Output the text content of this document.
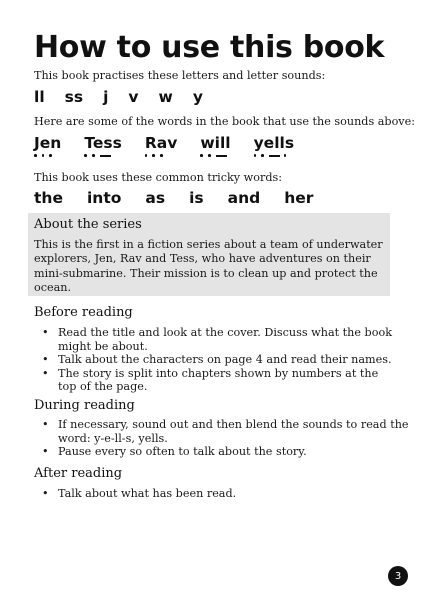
How to use this book

This book practises these letters and letter sounds:

ll ss j v w y

Here are some of the words in the book that use the sounds above:

Jen Tess Rav will yells

This book uses these common tricky words:

the into as is and her
About the series

This is the first in a fiction series about a team of underwater
explorers, Jen, Rav and Tess, who have adventures on their
mini-submarine. Their mission is to clean up and protect the
ocean.

Before reading
• Read the title and look at the cover. Discuss what the book
might be about.
• Talk about the characters on page 4 and read their names.
• The story is split into chapters shown by numbers at the
top of the page.
During reading
• If necessary, sound out and then blend the sounds to read the
word: y-e-ll-s, yells.
• Pause every so often to talk about the story.
After reading
• Talk about what has been read.
3
